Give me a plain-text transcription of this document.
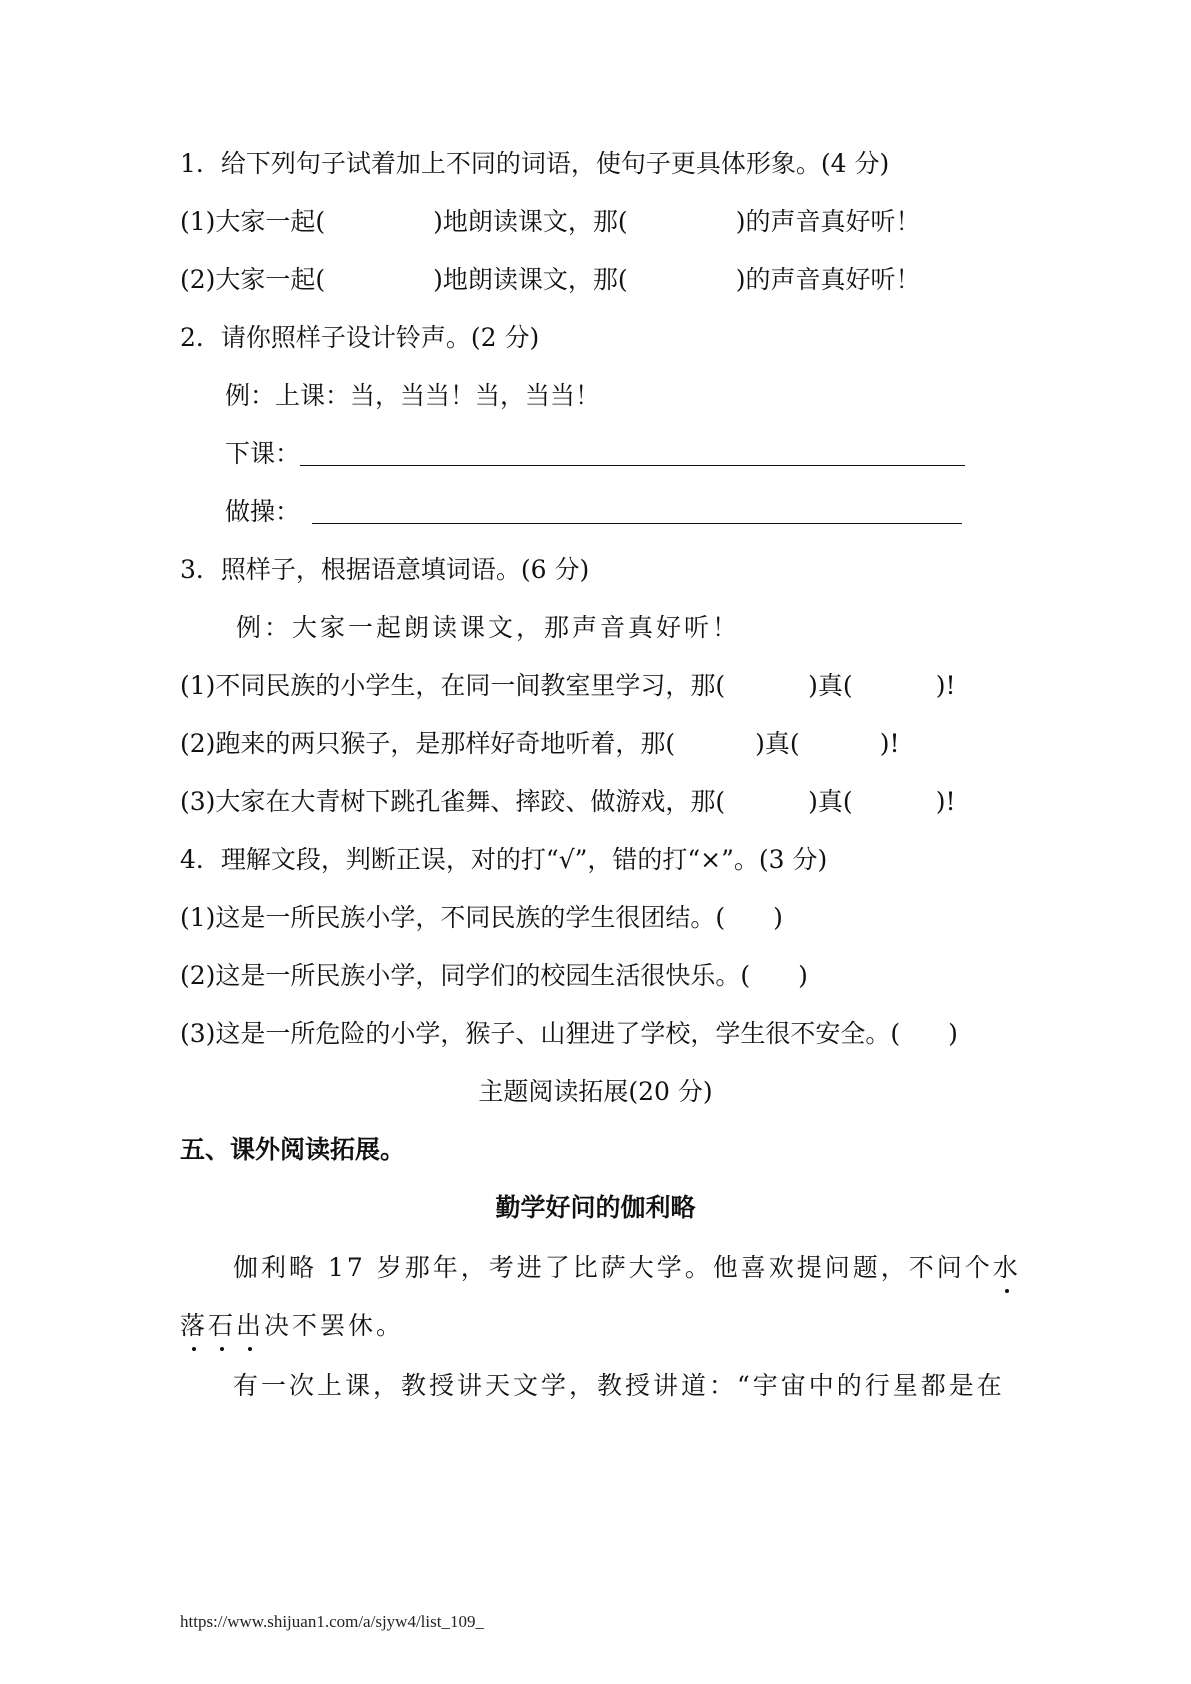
1．给下列句子试着加上不同的词语，使句子更具体形象。(4 分)

(1)大家一起(	)地朗读课文，那(	)的声音真好听！

(2)大家一起(	)地朗读课文，那(	)的声音真好听！

2．请你照样子设计铃声。(2 分)

例：上课：当，当当！当，当当！

下课：

做操：

3．照样子，根据语意填词语。(6 分)

例：大家一起朗读课文，那声音真好听！

(1)不同民族的小学生，在同一间教室里学习，那(	)真(	)!

(2)跑来的两只猴子，是那样好奇地听着，那(	)真(	)!

(3)大家在大青树下跳孔雀舞、摔跤、做游戏，那(	)真(	)!

4．理解文段，判断正误，对的打“√”，错的打“×”。(3 分)

(1)这是一所民族小学，不同民族的学生很团结。( )

(2)这是一所民族小学，同学们的校园生活很快乐。( )

(3)这是一所危险的小学，猴子、山狸进了学校，学生很不安全。( )

主题阅读拓展(20 分)

五、课外阅读拓展。

勤学好问的伽利略

伽利略 17 岁那年，考进了比萨大学。他喜欢提问题，不问个水

落石出决不罢休。

有一次上课，教授讲天文学，教授讲道：“宇宙中的行星都是在

https://www.shijuan1.com/a/sjyw4/list_109_
